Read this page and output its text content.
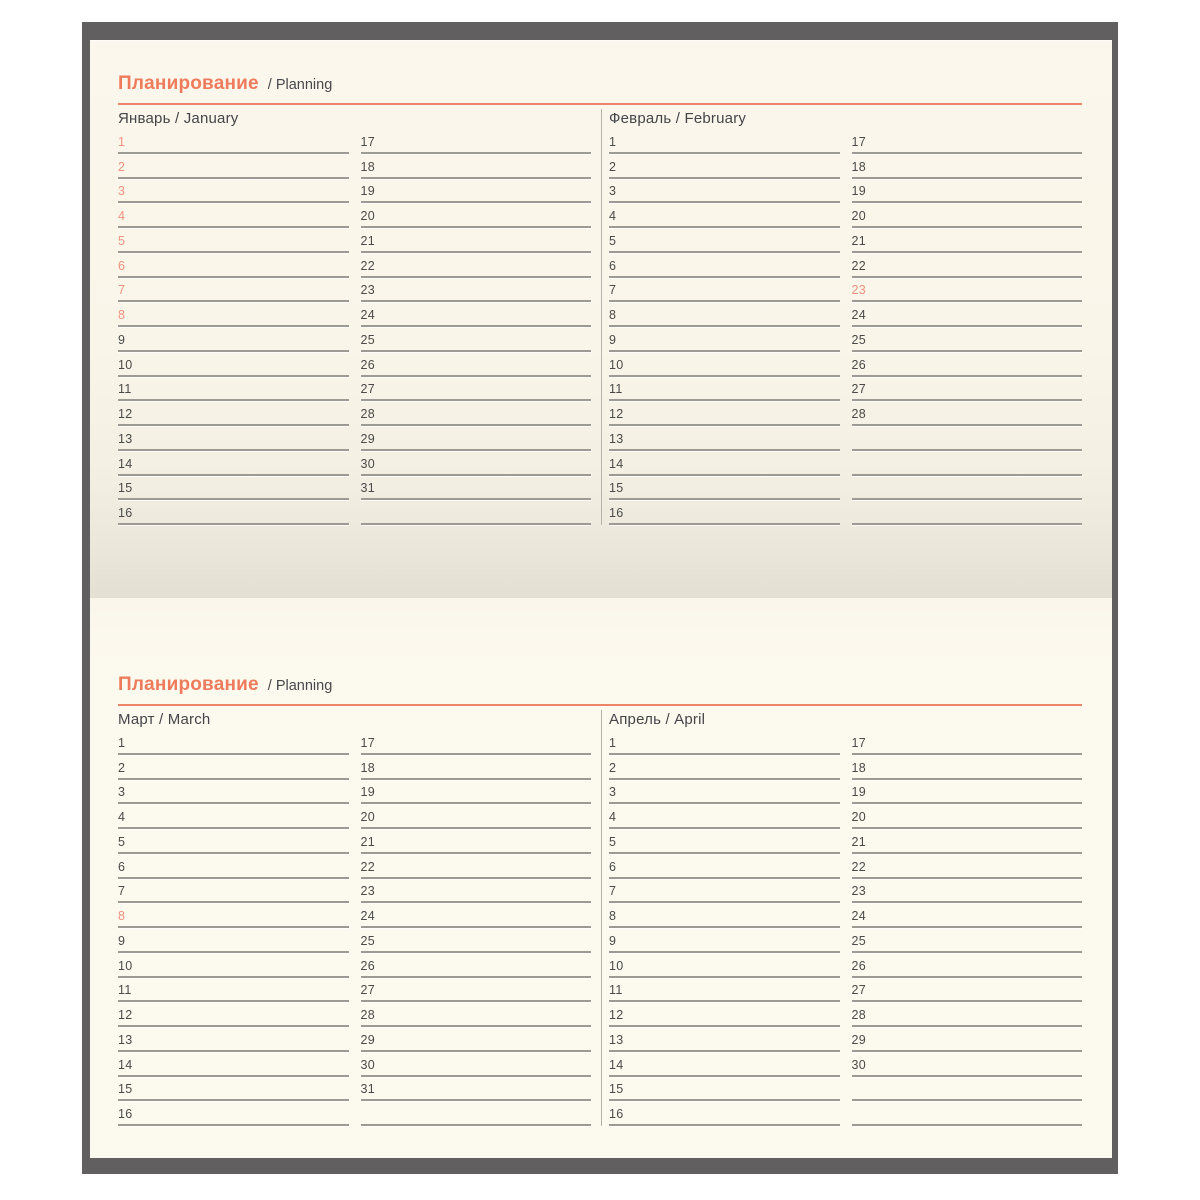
Планирование / Planning
Январь / January
1
2
3
4
5
6
7
8
9
10
11
12
13
14
15
16
17
18
19
20
21
22
23
24
25
26
27
28
29
30
31
Февраль / February
1
2
3
4
5
6
7
8
9
10
11
12
13
14
15
16
17
18
19
20
21
22
23
24
25
26
27
28
Планирование / Planning
Март / March
1
2
3
4
5
6
7
8
9
10
11
12
13
14
15
16
17
18
19
20
21
22
23
24
25
26
27
28
29
30
31
Апрель / April
1
2
3
4
5
6
7
8
9
10
11
12
13
14
15
16
17
18
19
20
21
22
23
24
25
26
27
28
29
30
